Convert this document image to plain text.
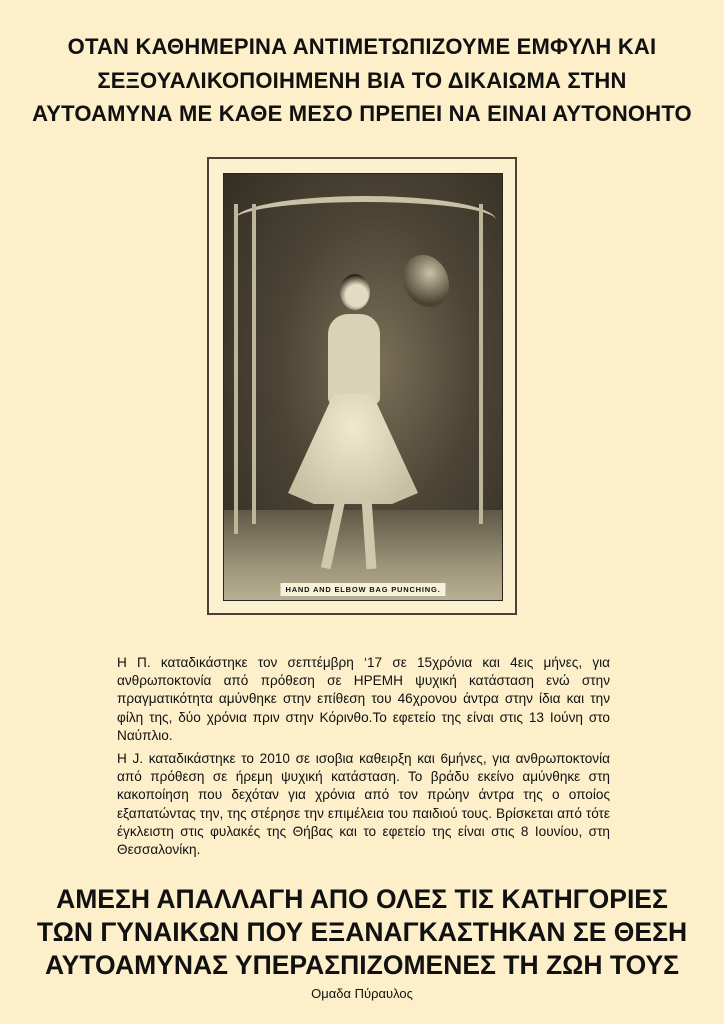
ΟΤΑΝ ΚΑΘΗΜΕΡΙΝΑ ΑΝΤΙΜΕΤΩΠΙΖΟΥΜΕ ΕΜΦΥΛΗ ΚΑΙ
ΣΕΞΟΥΑΛΙΚΟΠΟΙΗΜΕΝΗ ΒΙΑ ΤΟ ΔΙΚΑΙΩΜΑ ΣΤΗΝ
ΑΥΤΟΑΜΥΝΑ ΜΕ ΚΑΘΕ ΜΕΣΟ ΠΡΕΠΕΙ ΝΑ ΕΙΝΑΙ ΑΥΤΟΝΟΗΤΟ
HAND AND ELBOW BAG PUNCHING.

Η Π. καταδικάστηκε τον σεπτέμβρη ‘17 σε 15χρόνια και 4εις μήνες, για ανθρωποκτονία από πρόθεση σε ΗΡΕΜΗ ψυχική κατάσταση ενώ στην πραγματικότητα αμύνθηκε στην επίθεση του 46χρονου άντρα στην ίδια και την φίλη της, δύο χρόνια πριν στην Κόρινθο.Το εφετείο της είναι στις 13 Ιούνη στο Ναύπλιο.

Η J. καταδικάστηκε το 2010 σε ισοβια καθειρξη και 6μήνες, για ανθρωποκτονία από πρόθεση σε ήρεμη ψυχική κατάσταση. Το βράδυ εκείνο αμύνθηκε στη κακοποίηση που δεχόταν για χρόνια από τον πρώην άντρα της ο οποίος εξαπατώντας την, της στέρησε την επιμέλεια του παιδιού τους. Βρίσκεται από τότε έγκλειστη στις φυλακές της Θήβας και το εφετείο της είναι στις 8 Ιουνίου, στη Θεσσαλονίκη.

ΑΜΕΣΗ ΑΠΑΛΛΑΓΗ ΑΠΟ ΟΛΕΣ ΤΙΣ ΚΑΤΗΓΟΡΙΕΣ
ΤΩΝ ΓΥΝΑΙΚΩΝ ΠΟΥ ΕΞΑΝΑΓΚΑΣΤΗΚΑΝ ΣΕ ΘΕΣΗ
ΑΥΤΟΑΜΥΝΑΣ ΥΠΕΡΑΣΠΙΖΟΜΕΝΕΣ ΤΗ ΖΩΗ ΤΟΥΣ
Ομαδα Πύραυλος
